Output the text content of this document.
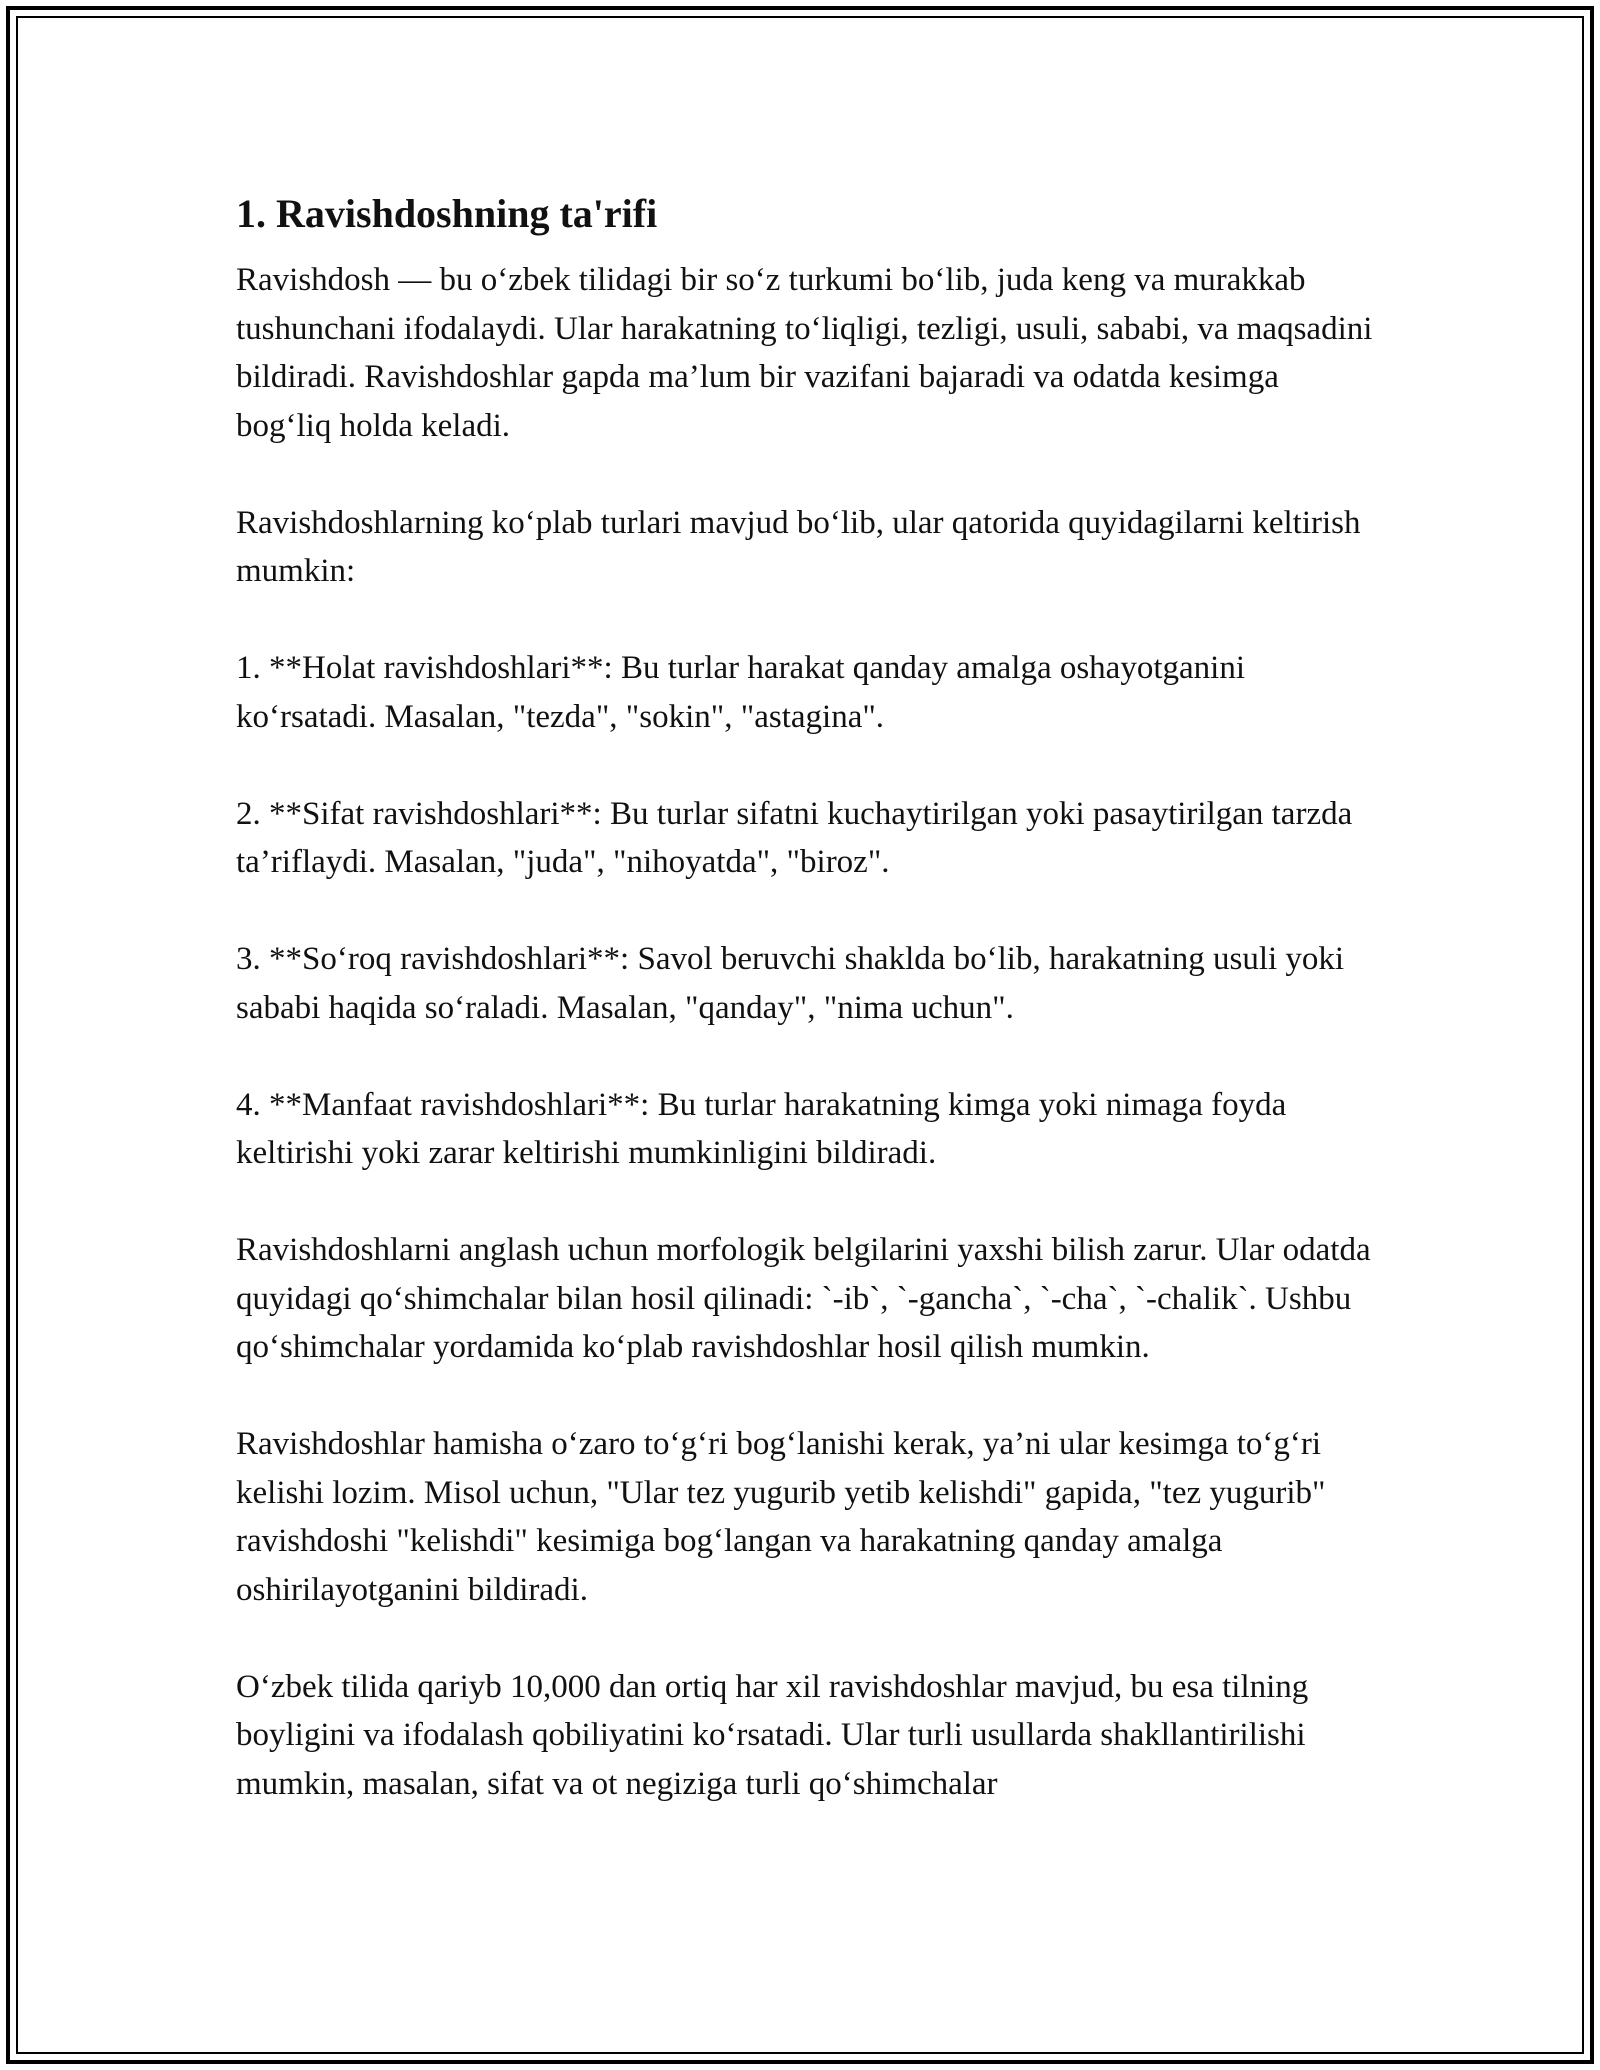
1. Ravishdoshning ta'rifi

Ravishdosh — bu o‘zbek tilidagi bir so‘z turkumi bo‘lib, juda keng va murakkab tushunchani ifodalaydi. Ular harakatning to‘liqligi, tezligi, usuli, sababi, va maqsadini bildiradi. Ravishdoshlar gapda ma’lum bir vazifani bajaradi va odatda kesimga bog‘liq holda keladi.

Ravishdoshlarning ko‘plab turlari mavjud bo‘lib, ular qatorida quyidagilarni keltirish mumkin:

1. **Holat ravishdoshlari**: Bu turlar harakat qanday amalga oshayotganini ko‘rsatadi. Masalan, "tezda", "sokin", "astagina".

2. **Sifat ravishdoshlari**: Bu turlar sifatni kuchaytirilgan yoki pasaytirilgan tarzda ta’riflaydi. Masalan, "juda", "nihoyatda", "biroz".

3. **So‘roq ravishdoshlari**: Savol beruvchi shaklda bo‘lib, harakatning usuli yoki sababi haqida so‘raladi. Masalan, "qanday", "nima uchun".

4. **Manfaat ravishdoshlari**: Bu turlar harakatning kimga yoki nimaga foyda keltirishi yoki zarar keltirishi mumkinligini bildiradi.

Ravishdoshlarni anglash uchun morfologik belgilarini yaxshi bilish zarur. Ular odatda quyidagi qo‘shimchalar bilan hosil qilinadi: `-ib`, `-gancha`, `-cha`, `-chalik`. Ushbu qo‘shimchalar yordamida ko‘plab ravishdoshlar hosil qilish mumkin.

Ravishdoshlar hamisha o‘zaro to‘g‘ri bog‘lanishi kerak, ya’ni ular kesimga to‘g‘ri kelishi lozim. Misol uchun, "Ular tez yugurib yetib kelishdi" gapida, "tez yugurib" ravishdoshi "kelishdi" kesimiga bog‘langan va harakatning qanday amalga oshirilayotganini bildiradi.

O‘zbek tilida qariyb 10,000 dan ortiq har xil ravishdoshlar mavjud, bu esa tilning boyligini va ifodalash qobiliyatini ko‘rsatadi. Ular turli usullarda shakllantirilishi mumkin, masalan, sifat va ot negiziga turli qo‘shimchalar
